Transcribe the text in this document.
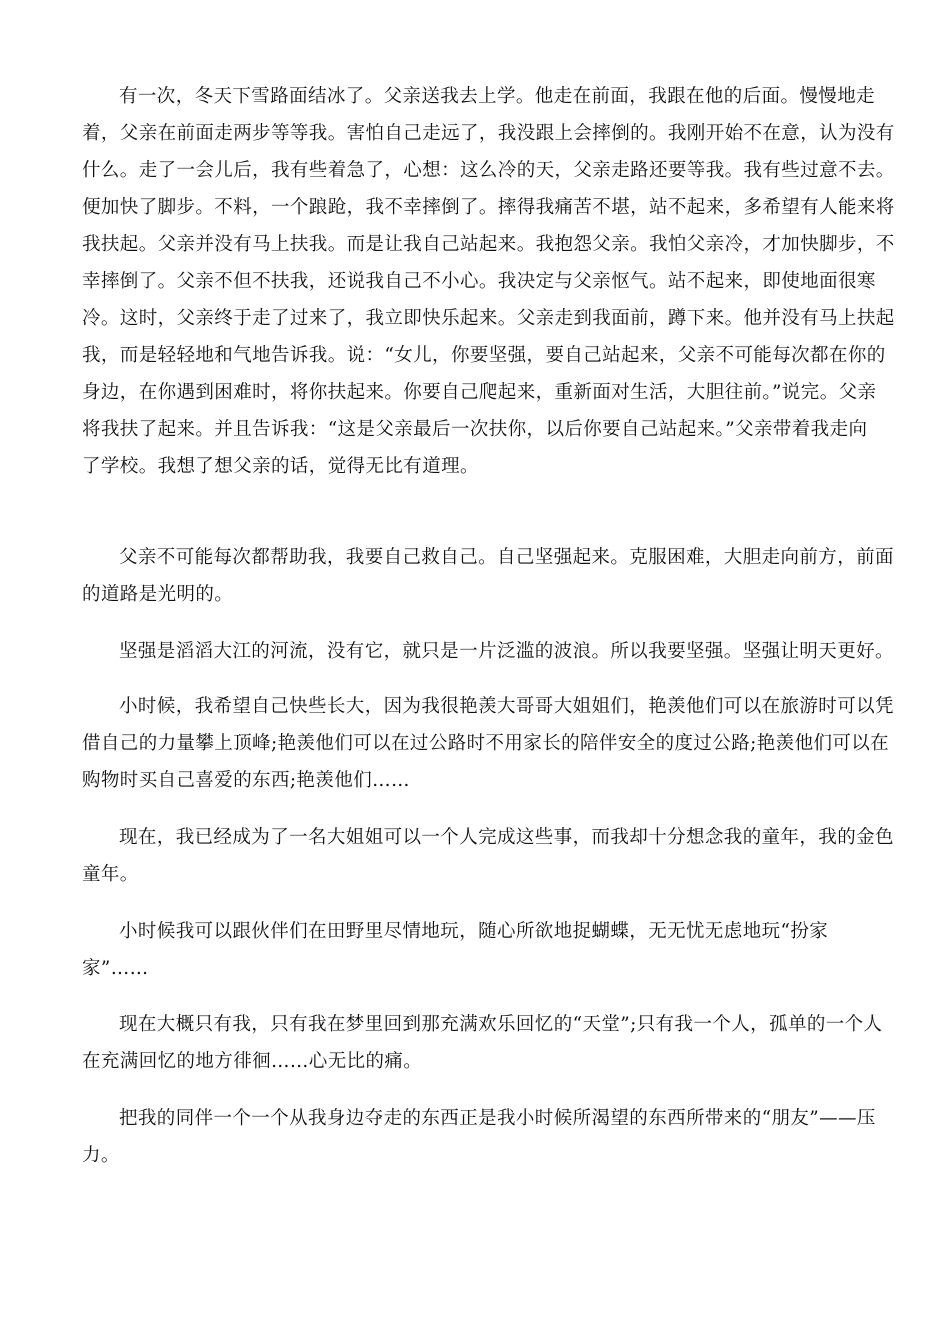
有一次，冬天下雪路面结冰了。父亲送我去上学。他走在前面，我跟在他的后面。慢慢地走
着，父亲在前面走两步等等我。害怕自己走远了，我没跟上会摔倒的。我刚开始不在意，认为没有
什么。走了一会儿后，我有些着急了，心想：这么冷的天，父亲走路还要等我。我有些过意不去。
便加快了脚步。不料，一个踉跄，我不幸摔倒了。摔得我痛苦不堪，站不起来，多希望有人能来将
我扶起。父亲并没有马上扶我。而是让我自己站起来。我抱怨父亲。我怕父亲冷，才加快脚步，不
幸摔倒了。父亲不但不扶我，还说我自己不小心。我决定与父亲怄气。站不起来，即使地面很寒
冷。这时，父亲终于走了过来了，我立即快乐起来。父亲走到我面前，蹲下来。他并没有马上扶起
我，而是轻轻地和气地告诉我。说：“女儿，你要坚强，要自己站起来，父亲不可能每次都在你的
身边，在你遇到困难时，将你扶起来。你要自己爬起来，重新面对生活，大胆往前。”说完。父亲
将我扶了起来。并且告诉我：“这是父亲最后一次扶你，以后你要自己站起来。”父亲带着我走向
了学校。我想了想父亲的话，觉得无比有道理。

父亲不可能每次都帮助我，我要自己救自己。自己坚强起来。克服困难，大胆走向前方，前面
的道路是光明的。

坚强是滔滔大江的河流，没有它，就只是一片泛滥的波浪。所以我要坚强。坚强让明天更好。

小时候，我希望自己快些长大，因为我很艳羡大哥哥大姐姐们，艳羡他们可以在旅游时可以凭
借自己的力量攀上顶峰;艳羡他们可以在过公路时不用家长的陪伴安全的度过公路;艳羡他们可以在
购物时买自己喜爱的东西;艳羡他们……

现在，我已经成为了一名大姐姐可以一个人完成这些事，而我却十分想念我的童年，我的金色
童年。

小时候我可以跟伙伴们在田野里尽情地玩，随心所欲地捉蝴蝶，无无忧无虑地玩“扮家
家”……

现在大概只有我，只有我在梦里回到那充满欢乐回忆的“天堂”;只有我一个人，孤单的一个人
在充满回忆的地方徘徊……心无比的痛。

把我的同伴一个一个从我身边夺走的东西正是我小时候所渴望的东西所带来的“朋友”——压
力。
